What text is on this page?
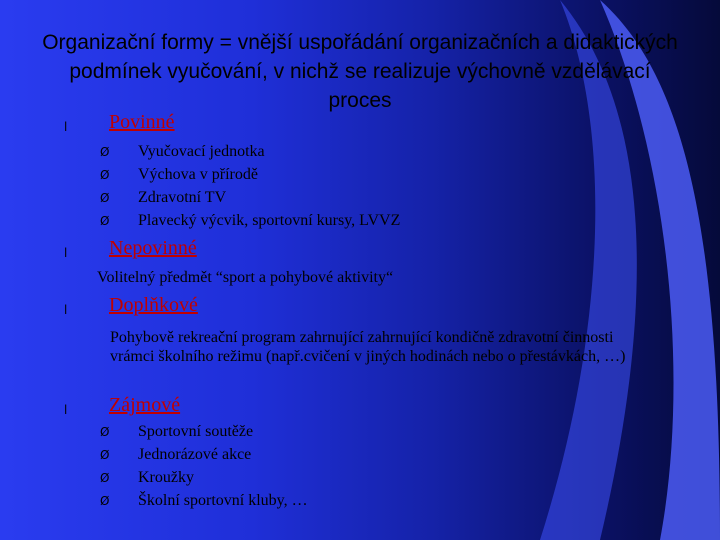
Organizační formy = vnější uspořádání organizačních a didaktických podmínek vyučování, v nichž se realizuje výchovně vzdělávací proces
l Povinné
Ø Vyučovací jednotka
Ø Výchova v přírodě
Ø Zdravotní TV
Ø Plavecký výcvik, sportovní kursy, LVVZ
l Nepovinné
Volitelný předmět “sport a pohybové aktivity“
l Doplňkové
Pohybově rekreační program zahrnující zahrnující kondičně zdravotní činnosti vrámci školního režimu (např.cvičení v jiných hodinách nebo o přestávkách, …)
l Zájmové
Ø Sportovní soutěže
Ø Jednorázové akce
Ø Kroužky
Ø Školní sportovní kluby, …
